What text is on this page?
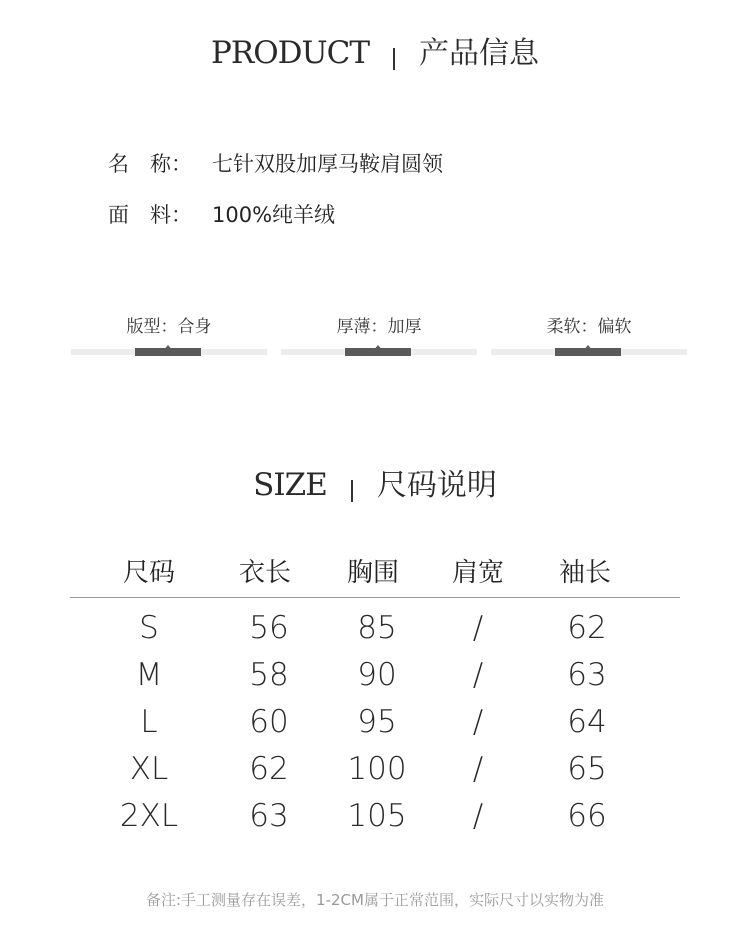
PRODUCT 产品信息
名　称： 七针双股加厚马鞍肩圆领
面　料： 100%纯羊绒
版型：合身	厚薄：加厚	柔软：偏软
SIZE 尺码说明
尺码 衣长 胸围 肩宽 袖长
S	56 85 /	62
M	58 90 /	63
L	60 95 /	64
XL	62 100 /	65
2XL 63 105 /	66
备注:手工测量存在误差，1-2CM属于正常范围，实际尺寸以实物为准
